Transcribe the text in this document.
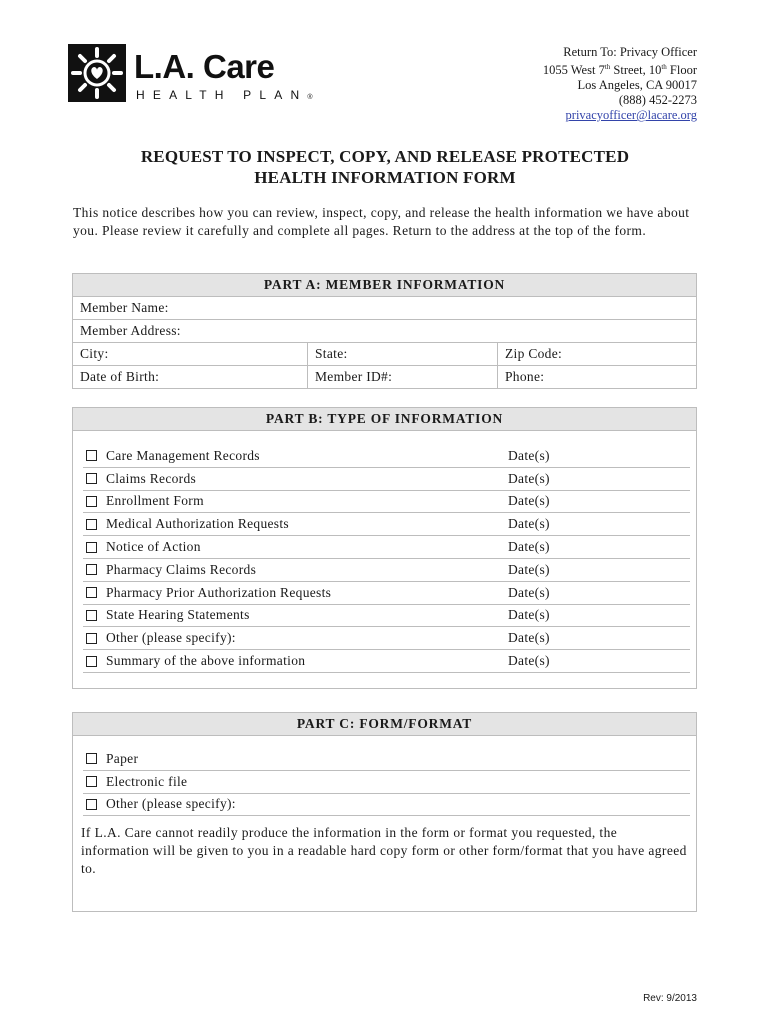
L.A. Care
HEALTH PLAN®
Return To: Privacy Officer
1055 West 7th Street, 10th Floor
Los Angeles, CA 90017
(888) 452-2273
privacyofficer@lacare.org
REQUEST TO INSPECT, COPY, AND RELEASE PROTECTED
HEALTH INFORMATION FORM
This notice describes how you can review, inspect, copy, and release the health information we have about you. Please review it carefully and complete all pages. Return to the address at the top of the form.
PART A: MEMBER INFORMATION
Member Name:
Member Address:
City:	State:	Zip Code:
Date of Birth:	Member ID#:	Phone:
PART B: TYPE OF INFORMATION
Care Management Records	Date(s)
Claims Records	Date(s)
Enrollment Form	Date(s)
Medical Authorization Requests	Date(s)
Notice of Action	Date(s)
Pharmacy Claims Records	Date(s)
Pharmacy Prior Authorization Requests	Date(s)
State Hearing Statements	Date(s)
Other (please specify):	Date(s)
Summary of the above information	Date(s)
PART C: FORM/FORMAT
Paper
Electronic file
Other (please specify):
If L.A. Care cannot readily produce the information in the form or format you requested, the information will be given to you in a readable hard copy form or other form/format that you have agreed to.
Rev: 9/2013
